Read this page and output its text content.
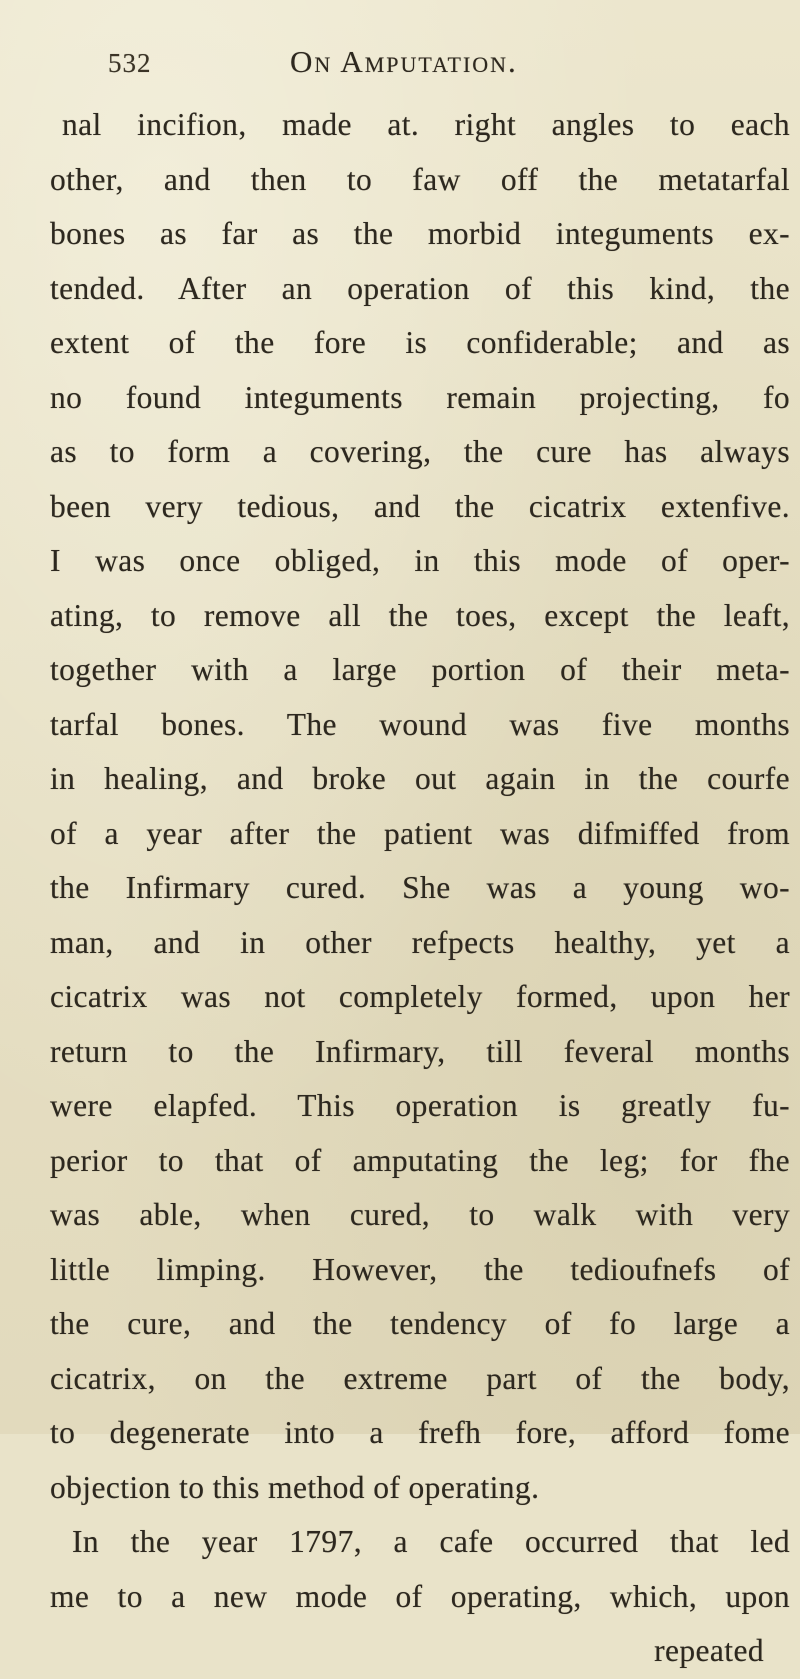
532	On Amputation.
nal incifion, made at. right angles to each
other, and then to faw off the metatarfal
bones as far as the morbid integuments ex-
tended. After an operation of this kind, the
extent of the fore is confiderable; and as
no found integuments remain projecting, fo
as to form a covering, the cure has always
been very tedious, and the cicatrix extenfive.
I was once obliged, in this mode of oper-
ating, to remove all the toes, except the leaft,
together with a large portion of their meta-
tarfal bones. The wound was five months
in healing, and broke out again in the courfe
of a year after the patient was difmiffed from
the Infirmary cured. She was a young wo-
man, and in other refpects healthy, yet a
cicatrix was not completely formed, upon her
return to the Infirmary, till feveral months
were elapfed. This operation is greatly fu-
perior to that of amputating the leg; for fhe
was able, when cured, to walk with very
little limping. However, the tedioufnefs of
the cure, and the tendency of fo large a
cicatrix, on the extreme part of the body,
to degenerate into a frefh fore, afford fome
objection to this method of operating.
In the year 1797, a cafe occurred that led
me to a new mode of operating, which, upon
repeated
